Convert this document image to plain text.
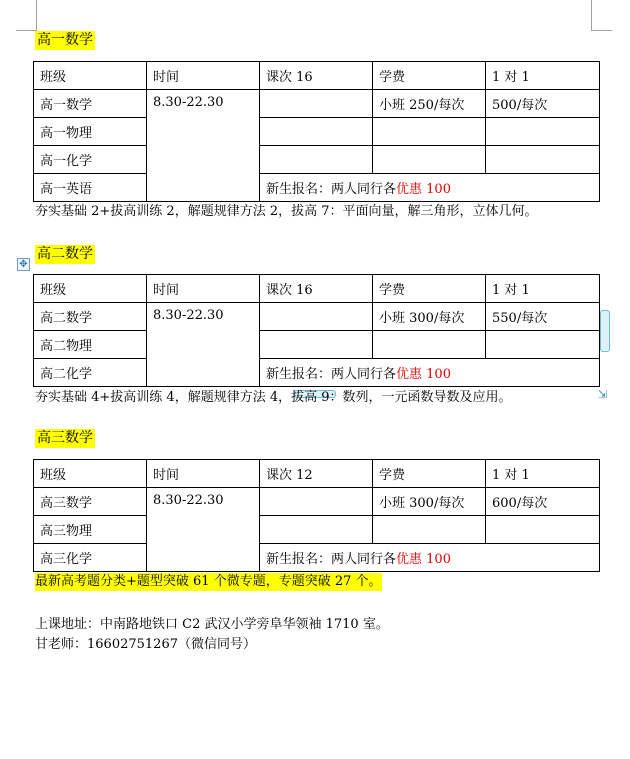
高一数学
班级	时间	课次 16	学费	1 对 1
高一数学	8.30-22.30		小班 250/每次	500/每次
高一物理				
高一化学				
高一英语		新生报名：两人同行各优惠 100		
夯实基础 2+拔高训练 2，解题规律方法 2，拔高 7：平面向量，解三角形，立体几何。
高二数学
✥
班级	时间	课次 16	学费	1 对 1
高二数学	8.30-22.30		小班 300/每次	550/每次
高二物理				
高二化学		新生报名：两人同行各优惠 100		
⇲
夯实基础 4+拔高训练 4，解题规律方法 4，拔高 9：数列，一元函数导数及应用。
高三数学
班级	时间	课次 12	学费	1 对 1
高三数学	8.30-22.30		小班 300/每次	600/每次
高三物理				
高三化学		新生报名：两人同行各优惠 100		
最新高考题分类+题型突破 61 个微专题，专题突破 27 个。
上课地址：中南路地铁口 C2 武汉小学旁阜华领袖 1710 室。
甘老师：16602751267（微信同号）
